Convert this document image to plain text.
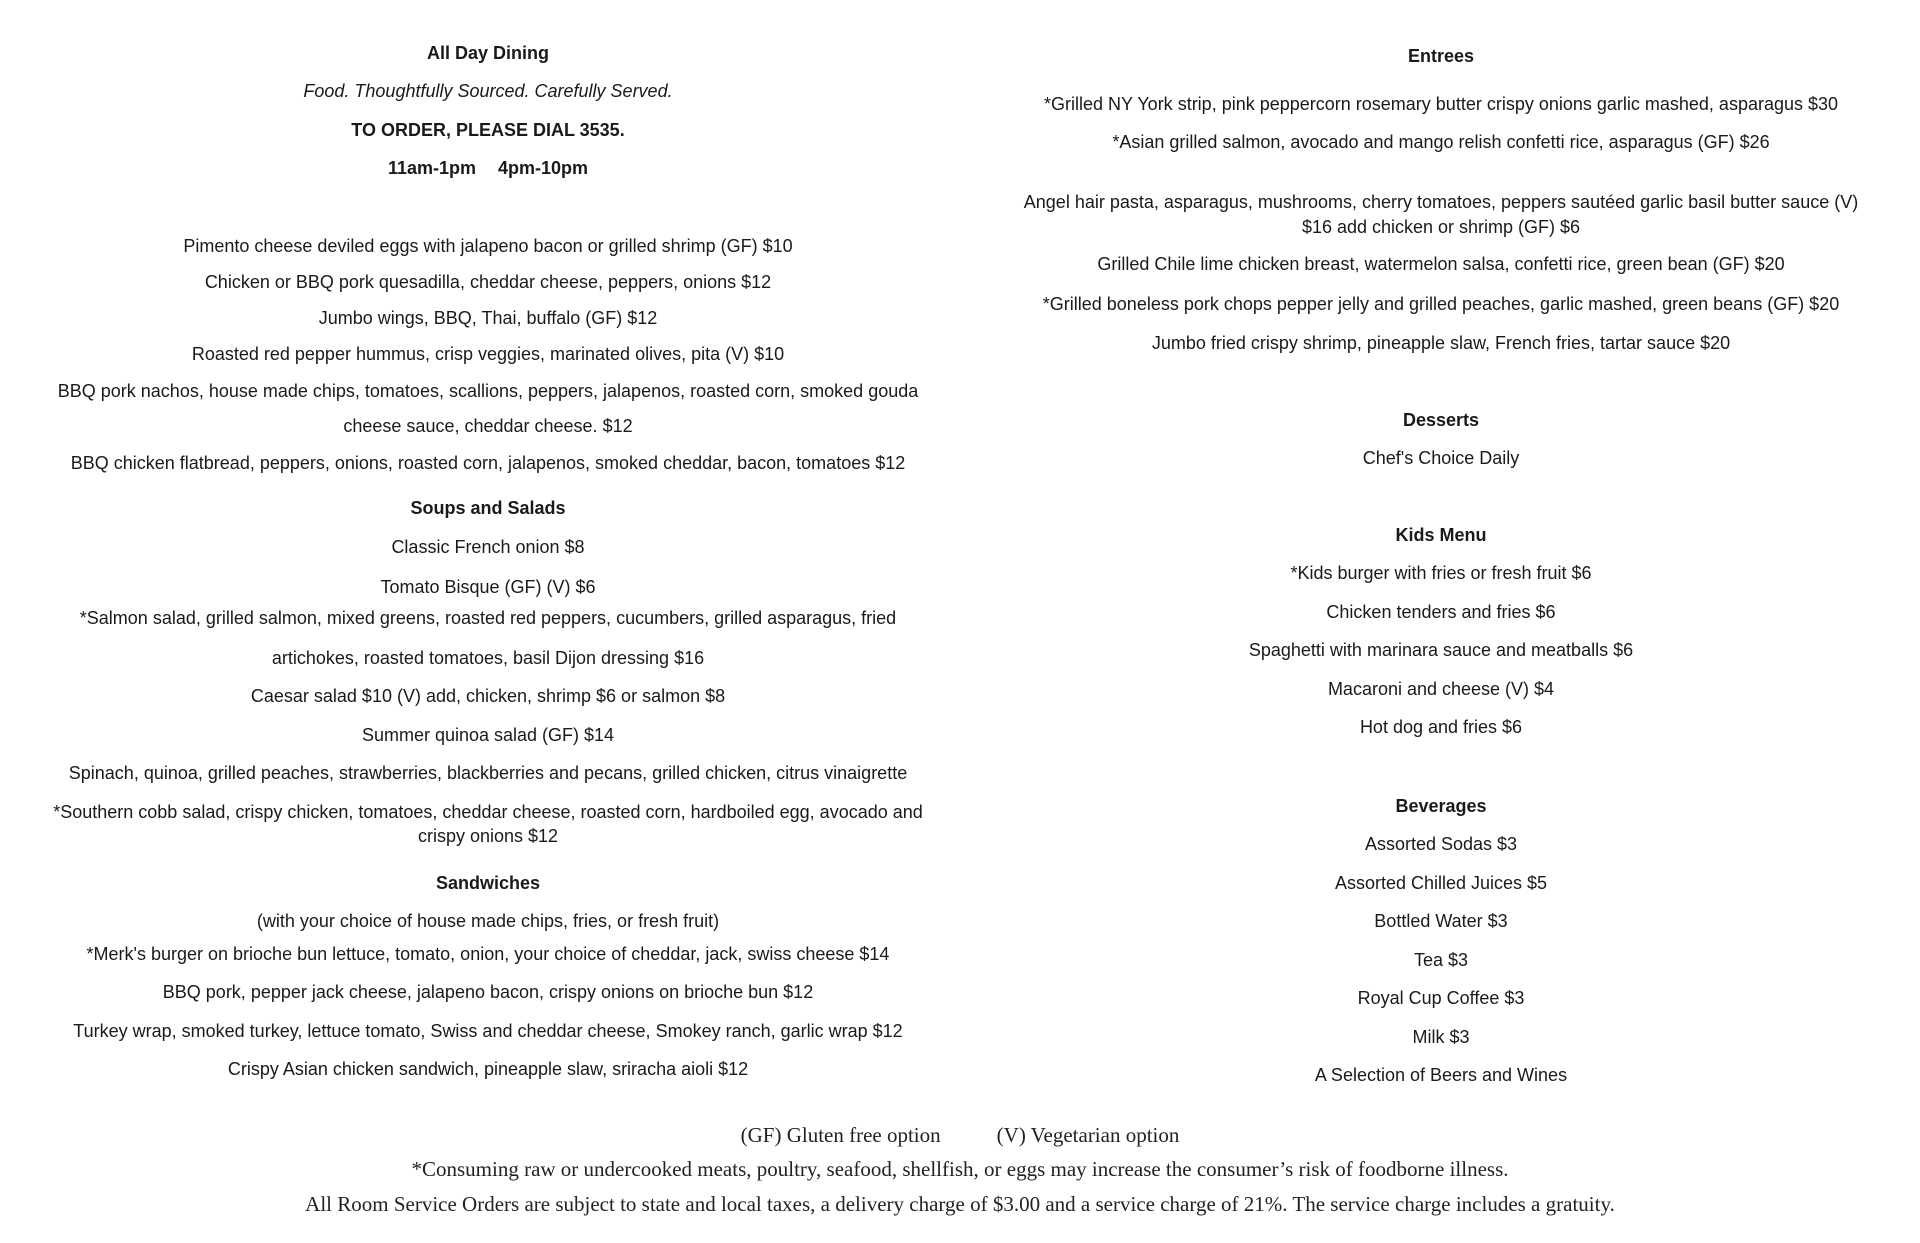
All Day Dining
Food. Thoughtfully Sourced. Carefully Served.
TO ORDER, PLEASE DIAL 3535.
11am-1pm 4pm-10pm
Pimento cheese deviled eggs with jalapeno bacon or grilled shrimp (GF) $10
Chicken or BBQ pork quesadilla, cheddar cheese, peppers, onions $12
Jumbo wings, BBQ, Thai, buffalo (GF) $12
Roasted red pepper hummus, crisp veggies, marinated olives, pita (V) $10
BBQ pork nachos, house made chips, tomatoes, scallions, peppers, jalapenos, roasted corn, smoked gouda
cheese sauce, cheddar cheese. $12
BBQ chicken flatbread, peppers, onions, roasted corn, jalapenos, smoked cheddar, bacon, tomatoes $12
Soups and Salads
Classic French onion $8
Tomato Bisque (GF) (V) $6
*Salmon salad, grilled salmon, mixed greens, roasted red peppers, cucumbers, grilled asparagus, fried
artichokes, roasted tomatoes, basil Dijon dressing $16
Caesar salad $10 (V) add, chicken, shrimp $6 or salmon $8
Summer quinoa salad (GF) $14
Spinach, quinoa, grilled peaches, strawberries, blackberries and pecans, grilled chicken, citrus vinaigrette
*Southern cobb salad, crispy chicken, tomatoes, cheddar cheese, roasted corn, hardboiled egg, avocado and
crispy onions $12
Sandwiches
(with your choice of house made chips, fries, or fresh fruit)
*Merk's burger on brioche bun lettuce, tomato, onion, your choice of cheddar, jack, swiss cheese $14
BBQ pork, pepper jack cheese, jalapeno bacon, crispy onions on brioche bun $12
Turkey wrap, smoked turkey, lettuce tomato, Swiss and cheddar cheese, Smokey ranch, garlic wrap $12
Crispy Asian chicken sandwich, pineapple slaw, sriracha aioli $12
Entrees
*Grilled NY York strip, pink peppercorn rosemary butter crispy onions garlic mashed, asparagus $30
*Asian grilled salmon, avocado and mango relish confetti rice, asparagus (GF) $26
Angel hair pasta, asparagus, mushrooms, cherry tomatoes, peppers sautéed garlic basil butter sauce (V)
$16 add chicken or shrimp (GF) $6
Grilled Chile lime chicken breast, watermelon salsa, confetti rice, green bean (GF) $20
*Grilled boneless pork chops pepper jelly and grilled peaches, garlic mashed, green beans (GF) $20
Jumbo fried crispy shrimp, pineapple slaw, French fries, tartar sauce $20
Desserts
Chef's Choice Daily
Kids Menu
*Kids burger with fries or fresh fruit $6
Chicken tenders and fries $6
Spaghetti with marinara sauce and meatballs $6
Macaroni and cheese (V) $4
Hot dog and fries $6
Beverages
Assorted Sodas $3
Assorted Chilled Juices $5
Bottled Water $3
Tea $3
Royal Cup Coffee $3
Milk $3
A Selection of Beers and Wines
(GF) Gluten free option	(V) Vegetarian option
*Consuming raw or undercooked meats, poultry, seafood, shellfish, or eggs may increase the consumer’s risk of foodborne illness.
All Room Service Orders are subject to state and local taxes, a delivery charge of $3.00 and a service charge of 21%. The service charge includes a gratuity.
